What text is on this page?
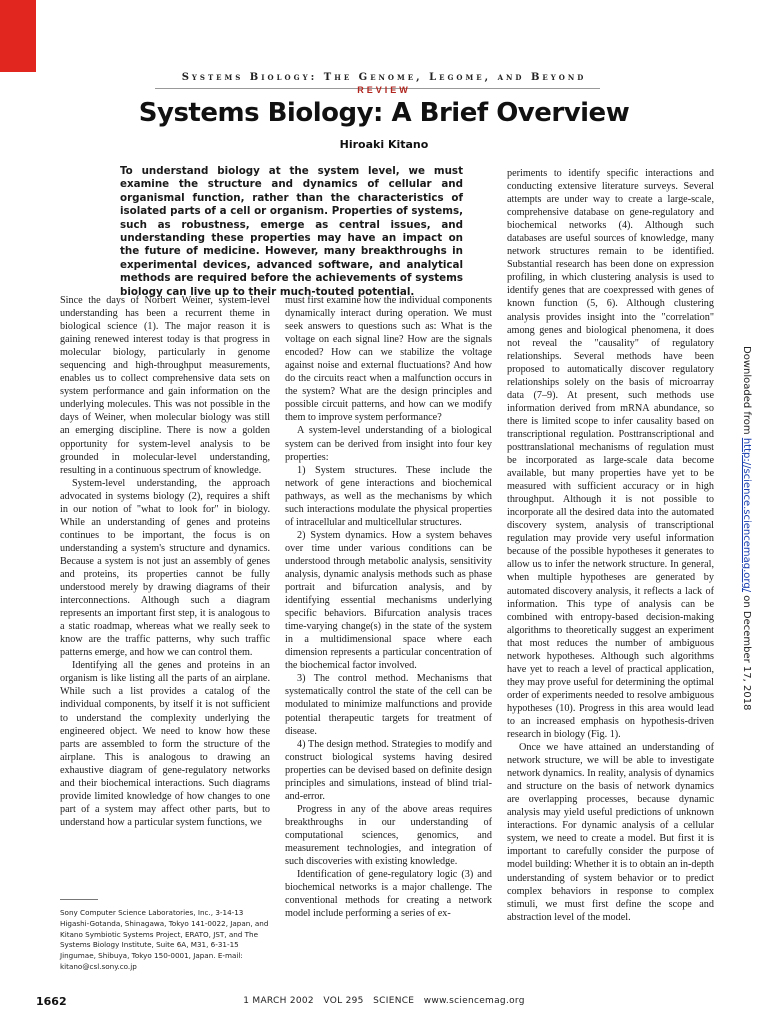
Systems Biology: The Genome, Legome, and Beyond
REVIEW
Systems Biology: A Brief Overview
Hiroaki Kitano
To understand biology at the system level, we must examine the structure and dynamics of cellular and organismal function, rather than the characteristics of isolated parts of a cell or organism. Properties of systems, such as robustness, emerge as central issues, and understanding these properties may have an impact on the future of medicine. However, many breakthroughs in experimental devices, advanced software, and analytical methods are required before the achievements of systems biology can live up to their much-touted potential.

Since the days of Norbert Weiner, system-level understanding has been a recurrent theme in biological science (1). The major reason it is gaining renewed interest today is that progress in molecular biology, particularly in genome sequencing and high-throughput measurements, enables us to collect comprehensive data sets on system performance and gain information on the underlying molecules. This was not possible in the days of Weiner, when molecular biology was still an emerging discipline. There is now a golden opportunity for system-level analysis to be grounded in molecular-level understanding, resulting in a continuous spectrum of knowledge.

System-level understanding, the approach advocated in systems biology (2), requires a shift in our notion of "what to look for" in biology. While an understanding of genes and proteins continues to be important, the focus is on understanding a system's structure and dynamics. Because a system is not just an assembly of genes and proteins, its properties cannot be fully understood merely by drawing diagrams of their interconnections. Although such a diagram represents an important first step, it is analogous to a static roadmap, whereas what we really seek to know are the traffic patterns, why such traffic patterns emerge, and how we can control them.

Identifying all the genes and proteins in an organism is like listing all the parts of an airplane. While such a list provides a catalog of the individual components, by itself it is not sufficient to understand the complexity underlying the engineered object. We need to know how these parts are assembled to form the structure of the airplane. This is analogous to drawing an exhaustive diagram of gene-regulatory networks and their biochemical interactions. Such diagrams provide limited knowledge of how changes to one part of a system may affect other parts, but to understand how a particular system functions, we

must first examine how the individual components dynamically interact during operation. We must seek answers to questions such as: What is the voltage on each signal line? How are the signals encoded? How can we stabilize the voltage against noise and external fluctuations? And how do the circuits react when a malfunction occurs in the system? What are the design principles and possible circuit patterns, and how can we modify them to improve system performance?

A system-level understanding of a biological system can be derived from insight into four key properties:

1) System structures. These include the network of gene interactions and biochemical pathways, as well as the mechanisms by which such interactions modulate the physical properties of intracellular and multicellular structures.

2) System dynamics. How a system behaves over time under various conditions can be understood through metabolic analysis, sensitivity analysis, dynamic analysis methods such as phase portrait and bifurcation analysis, and by identifying essential mechanisms underlying specific behaviors. Bifurcation analysis traces time-varying change(s) in the state of the system in a multidimensional space where each dimension represents a particular concentration of the biochemical factor involved.

3) The control method. Mechanisms that systematically control the state of the cell can be modulated to minimize malfunctions and provide potential therapeutic targets for treatment of disease.

4) The design method. Strategies to modify and construct biological systems having desired properties can be devised based on definite design principles and simulations, instead of blind trial-and-error.

Progress in any of the above areas requires breakthroughs in our understanding of computational sciences, genomics, and measurement technologies, and integration of such discoveries with existing knowledge.

Identification of gene-regulatory logic (3) and biochemical networks is a major challenge. The conventional methods for creating a network model include performing a series of ex-

periments to identify specific interactions and conducting extensive literature surveys. Several attempts are under way to create a large-scale, comprehensive database on gene-regulatory and biochemical networks (4). Although such databases are useful sources of knowledge, many network structures remain to be identified. Substantial research has been done on expression profiling, in which clustering analysis is used to identify genes that are coexpressed with genes of known function (5, 6). Although clustering analysis provides insight into the "correlation" among genes and biological phenomena, it does not reveal the "causality" of regulatory relationships. Several methods have been proposed to automatically discover regulatory relationships solely on the basis of microarray data (7–9). At present, such methods use information derived from mRNA abundance, so there is limited scope to infer causality based on transcriptional regulation. Posttranscriptional and posttranslational mechanisms of regulation must be incorporated as large-scale data become available, but many properties have yet to be measured with sufficient accuracy or in high throughput. Although it is not possible to incorporate all the desired data into the automated discovery system, analysis of transcriptional regulation may provide very useful information because of the possible hypotheses it generates to allow us to infer the network structure. In general, when multiple hypotheses are generated by automated discovery analysis, it reflects a lack of information. This type of analysis can be combined with entropy-based decision-making algorithms to theoretically suggest an experiment that most reduces the number of ambiguous network hypotheses. Although such algorithms have yet to reach a level of practical application, they may prove useful for determining the optimal order of experiments needed to resolve ambiguous hypotheses (10). Progress in this area would lead to an increased emphasis on hypothesis-driven research in biology (Fig. 1).

Once we have attained an understanding of network structure, we will be able to investigate network dynamics. In reality, analysis of dynamics and structure on the basis of network dynamics are overlapping processes, because dynamic analysis may yield useful predictions of unknown interactions. For dynamic analysis of a cellular system, we need to create a model. But first it is important to carefully consider the purpose of model building: Whether it is to obtain an in-depth understanding of system behavior or to predict complex behaviors in response to complex stimuli, we must first define the scope and abstraction level of the model.

Sony Computer Science Laboratories, Inc., 3-14-13 Higashi-Gotanda, Shinagawa, Tokyo 141-0022, Japan, and Kitano Symbiotic Systems Project, ERATO, JST, and The Systems Biology Institute, Suite 6A, M31, 6-31-15 Jingumae, Shibuya, Tokyo 150-0001, Japan. E-mail: kitano@csl.sony.co.jp
1662	1 MARCH 2002   VOL 295   SCIENCE   www.sciencemag.org
Downloaded from http://science.sciencemag.org/ on December 17, 2018
